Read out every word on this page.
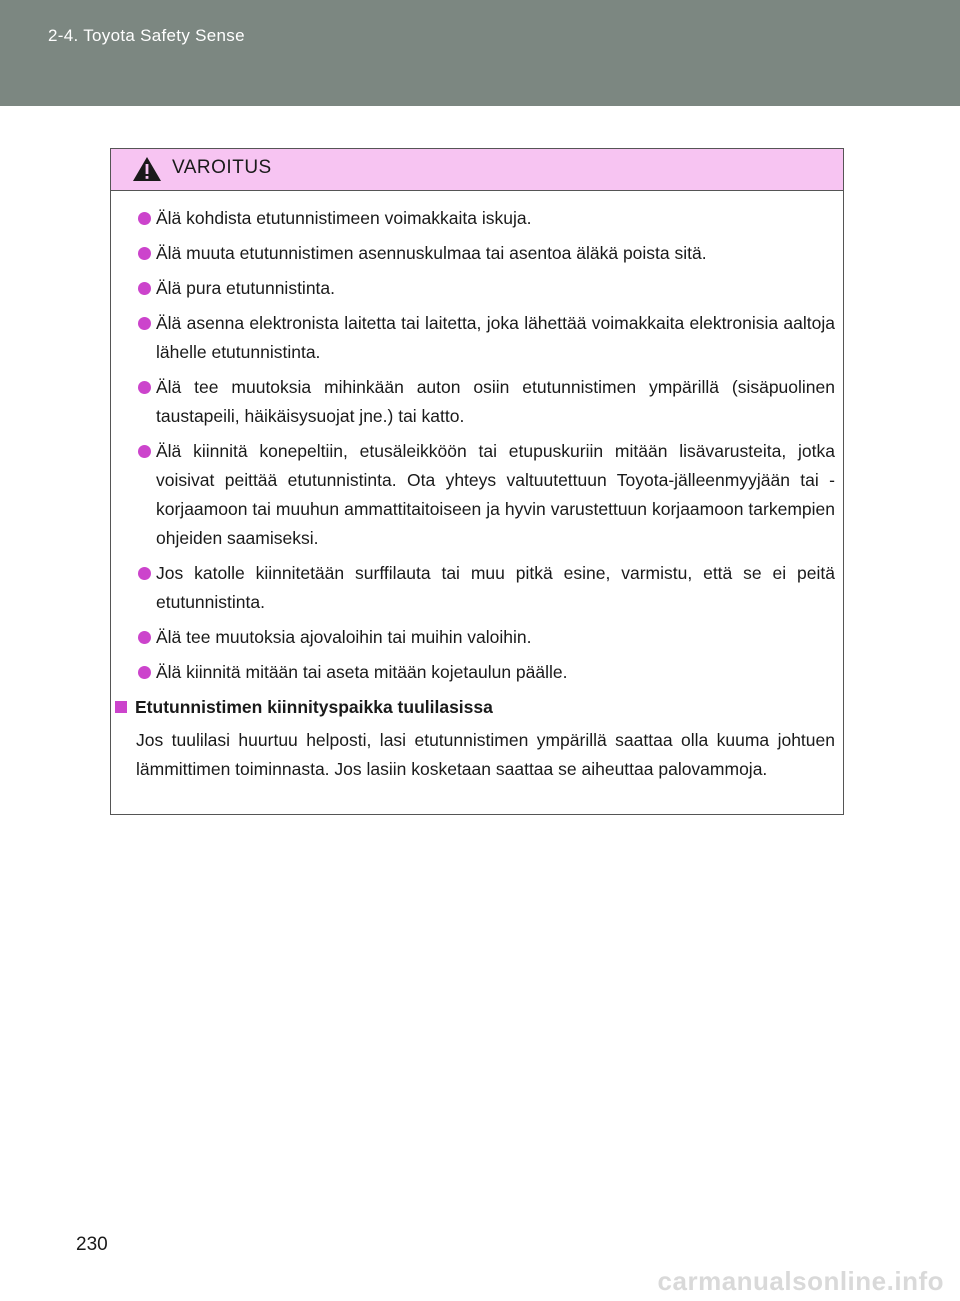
2-4. Toyota Safety Sense
VAROITUS
Älä kohdista etutunnistimeen voimakkaita iskuja.
Älä muuta etutunnistimen asennuskulmaa tai asentoa äläkä poista sitä.
Älä pura etutunnistinta.
Älä asenna elektronista laitetta tai laitetta, joka lähettää voimakkaita elektronisia aaltoja lähelle etutunnistinta.
Älä tee muutoksia mihinkään auton osiin etutunnistimen ympärillä (sisäpuolinen taustapeili, häikäisysuojat jne.) tai katto.
Älä kiinnitä konepeltiin, etusäleikköön tai etupuskuriin mitään lisävarusteita, jotka voisivat peittää etutunnistinta. Ota yhteys valtuutettuun Toyota-jälleenmyyjään tai -korjaamoon tai muuhun ammattitaitoiseen ja hyvin varustettuun korjaamoon tarkempien ohjeiden saamiseksi.
Jos katolle kiinnitetään surffilauta tai muu pitkä esine, varmistu, että se ei peitä etutunnistinta.
Älä tee muutoksia ajovaloihin tai muihin valoihin.
Älä kiinnitä mitään tai aseta mitään kojetaulun päälle.
Etutunnistimen kiinnityspaikka tuulilasissa
Jos tuulilasi huurtuu helposti, lasi etutunnistimen ympärillä saattaa olla kuuma johtuen lämmittimen toiminnasta. Jos lasiin kosketaan saattaa se aiheuttaa palovammoja.
230
carmanualsonline.info
